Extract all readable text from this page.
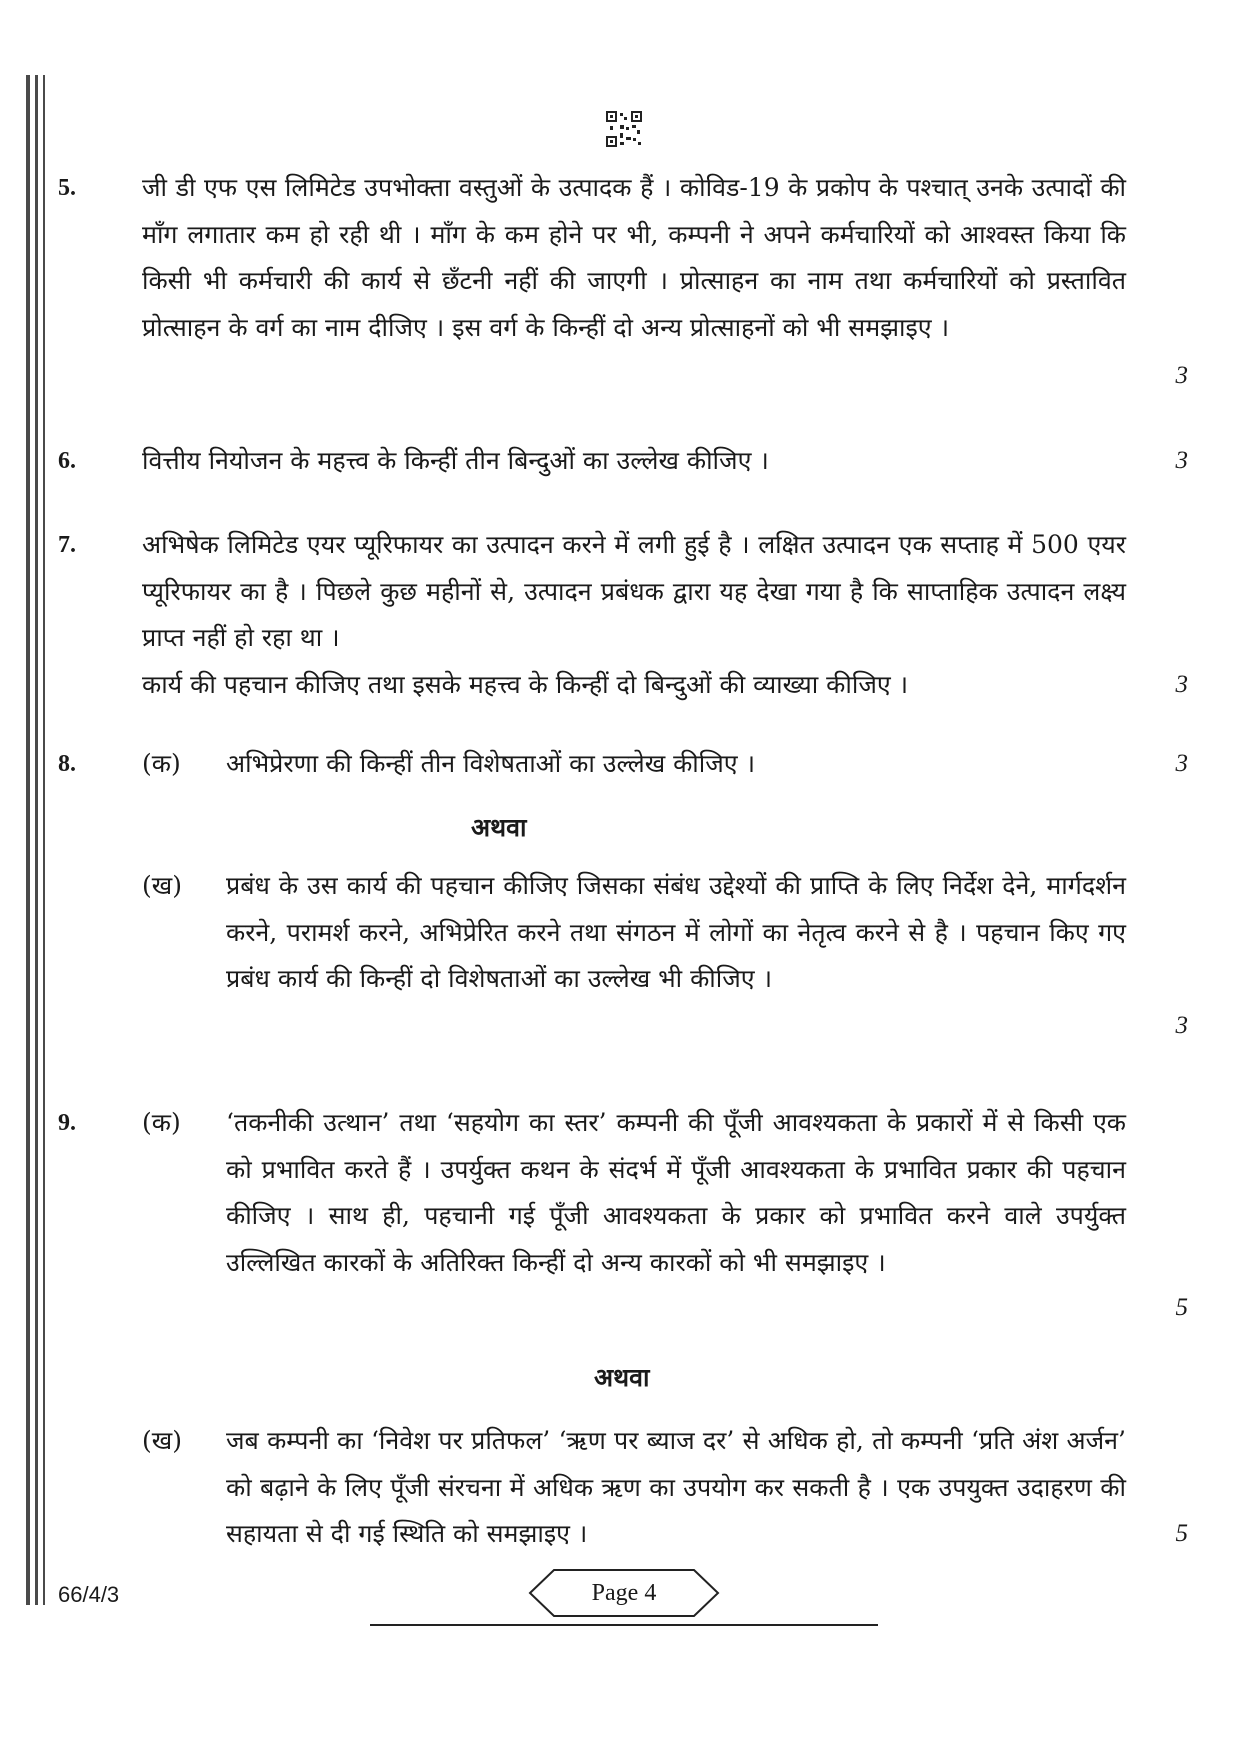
5.	जी डी एफ एस लिमिटेड उपभोक्ता वस्तुओं के उत्पादक हैं । कोविड-19 के प्रकोप के पश्चात् उनके उत्पादों की माँग लगातार कम हो रही थी । माँग के कम होने पर भी, कम्पनी ने अपने कर्मचारियों को आश्वस्त किया कि किसी भी कर्मचारी की कार्य से छँटनी नहीं की जाएगी । प्रोत्साहन का नाम तथा कर्मचारियों को प्रस्तावित प्रोत्साहन के वर्ग का नाम दीजिए । इस वर्ग के किन्हीं दो अन्य प्रोत्साहनों को भी समझाइए ।
3
6.	वित्तीय नियोजन के महत्त्व के किन्हीं तीन बिन्दुओं का उल्लेख कीजिए ।	3
7.	अभिषेक लिमिटेड एयर प्यूरिफायर का उत्पादन करने में लगी हुई है । लक्षित उत्पादन एक सप्ताह में 500 एयर प्यूरिफायर का है । पिछले कुछ महीनों से, उत्पादन प्रबंधक द्वारा यह देखा गया है कि साप्ताहिक उत्पादन लक्ष्य प्राप्त नहीं हो रहा था ।
कार्य की पहचान कीजिए तथा इसके महत्त्व के किन्हीं दो बिन्दुओं की व्याख्या कीजिए ।	3
8.	(क) अभिप्रेरणा की किन्हीं तीन विशेषताओं का उल्लेख कीजिए ।	3
अथवा
(ख) प्रबंध के उस कार्य की पहचान कीजिए जिसका संबंध उद्देश्यों की प्राप्ति के लिए निर्देश देने, मार्गदर्शन करने, परामर्श करने, अभिप्रेरित करने तथा संगठन में लोगों का नेतृत्व करने से है । पहचान किए गए प्रबंध कार्य की किन्हीं दो विशेषताओं का उल्लेख भी कीजिए ।
3
9.	(क) ‘तकनीकी उत्थान’ तथा ‘सहयोग का स्तर’ कम्पनी की पूँजी आवश्यकता के प्रकारों में से किसी एक को प्रभावित करते हैं । उपर्युक्त कथन के संदर्भ में पूँजी आवश्यकता के प्रभावित प्रकार की पहचान कीजिए । साथ ही, पहचानी गई पूँजी आवश्यकता के प्रकार को प्रभावित करने वाले उपर्युक्त उल्लिखित कारकों के अतिरिक्त किन्हीं दो अन्य कारकों को भी समझाइए ।
5
अथवा
(ख) जब कम्पनी का ‘निवेश पर प्रतिफल’ ‘ऋण पर ब्याज दर’ से अधिक हो, तो कम्पनी ‘प्रति अंश अर्जन’ को बढ़ाने के लिए पूँजी संरचना में अधिक ऋण का उपयोग कर सकती है । एक उपयुक्त उदाहरण की सहायता से दी गई स्थिति को समझाइए ।	5
66/4/3	Page 4
